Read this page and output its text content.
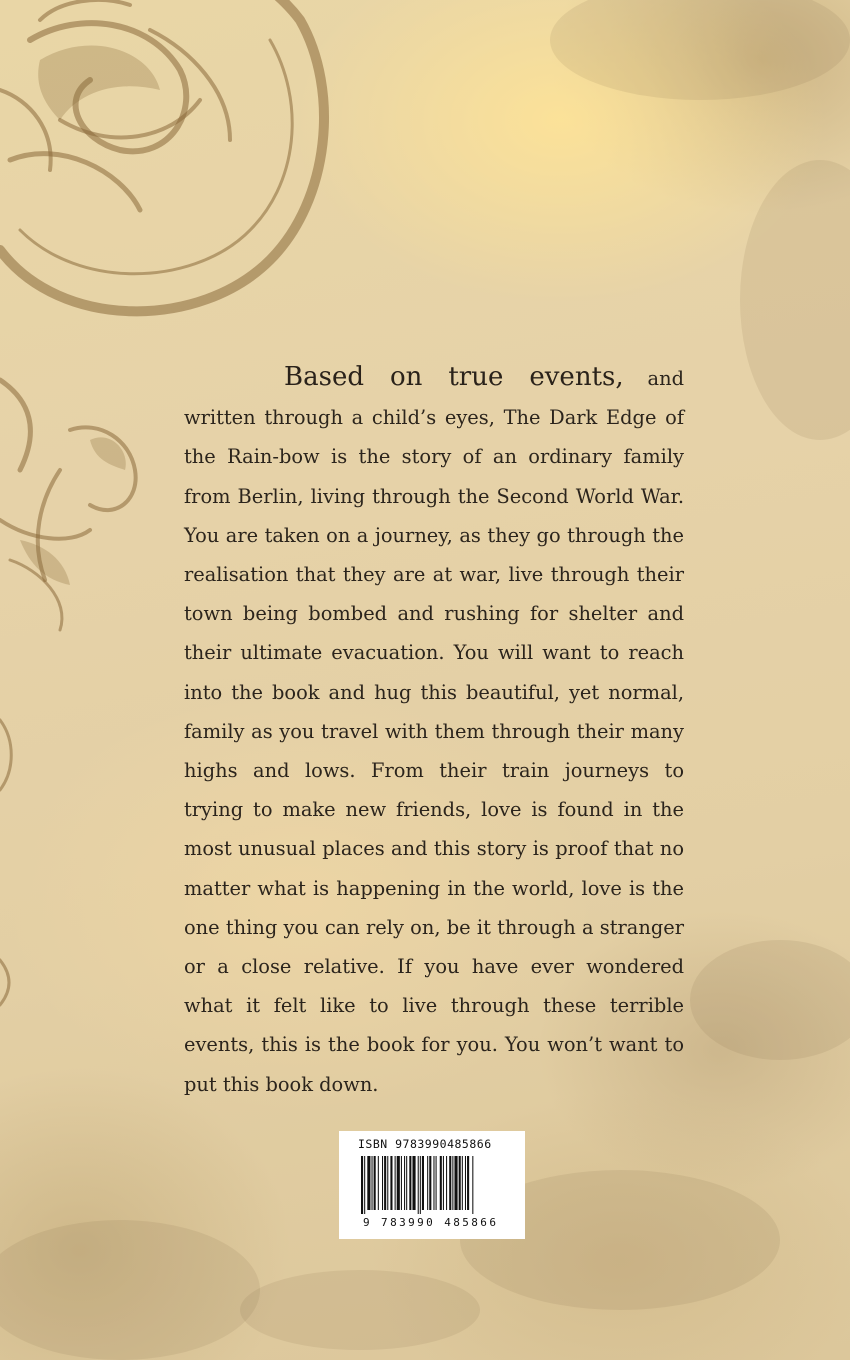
Based on true events, and written through a child’s eyes, The Dark Edge of the Rain-bow is the story of an ordinary family from Berlin, living through the Second World War. You are taken on a journey, as they go through the realisation that they are at war, live through their town being bombed and rushing for shelter and their ultimate evacuation. You will want to reach into the book and hug this beautiful, yet normal, family as you travel with them through their many highs and lows. From their train journeys to trying to make new friends, love is found in the most unusual places and this story is proof that no matter what is happening in the world, love is the one thing you can rely on, be it through a stranger or a close relative. If you have ever wondered what it felt like to live through these terrible events, this is the book for you. You won’t want to put this book down.
ISBN 9783990485866
9 783990 485866
